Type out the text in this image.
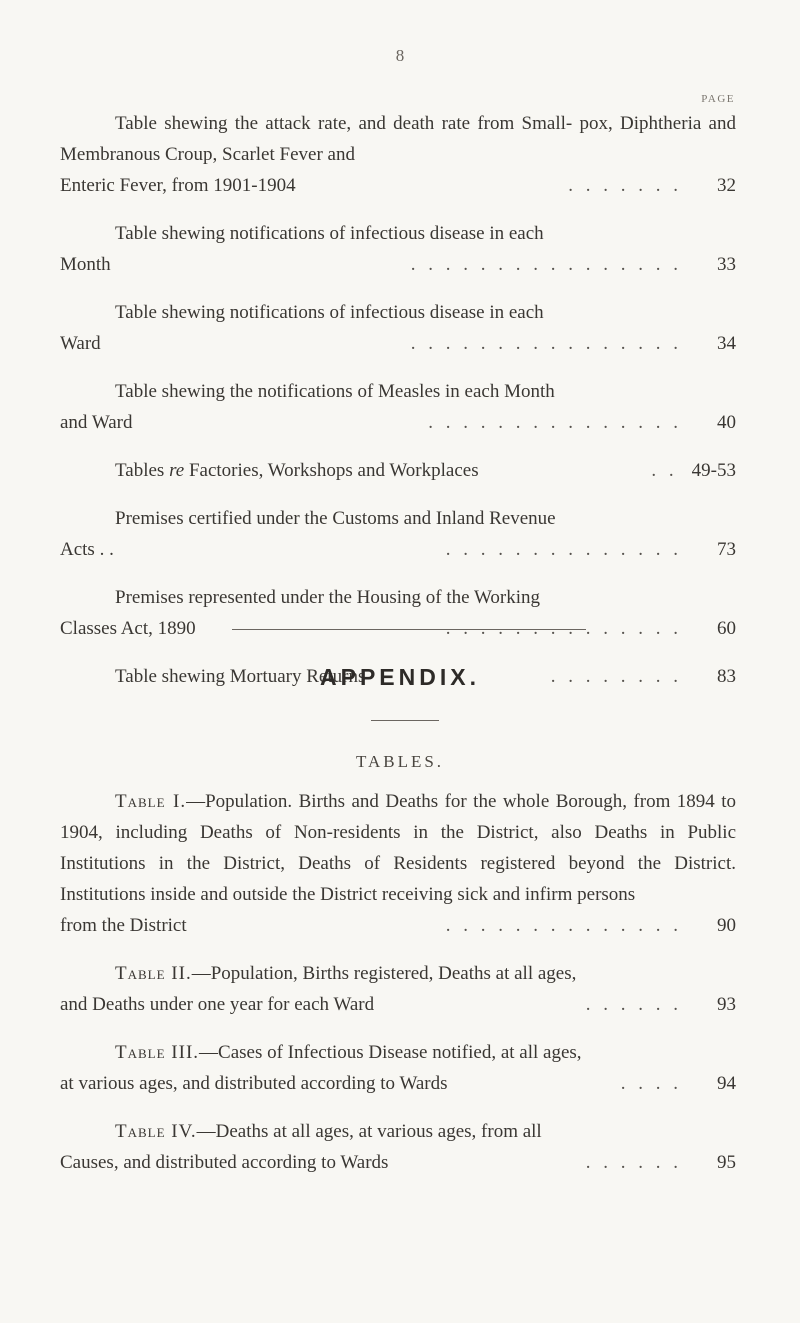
8
PAGE
Table shewing the attack rate, and death rate from Small- pox, Diphtheria and Membranous Croup, Scarlet Fever and
Enteric Fever, from 1901-1904	. . . . . . .	32
Table shewing notifications of infectious disease in each
Month	. . . . . . . . . . . . . . . .	33
Table shewing notifications of infectious disease in each
Ward	. . . . . . . . . . . . . . . .	34
Table shewing the notifications of Measles in each Month
and Ward	. . . . . . . . . . . . . . .	40
Tables re Factories, Workshops and Workplaces	. . 49-53
Premises certified under the Customs and Inland Revenue
Acts . .	. . . . . . . . . . . . . .	73
Premises represented under the Housing of the Working
Classes Act, 1890	. . . . . . . . . . . . . .	60
Table shewing Mortuary Returns	. . . . . . . .	83
APPENDIX.
TABLES.
Table I.—Population. Births and Deaths for the whole Borough, from 1894 to 1904, including Deaths of Non-residents in the District, also Deaths in Public Institutions in the District, Deaths of Residents registered beyond the District. Institutions inside and outside the District receiving sick and infirm persons
from the District	. . . . . . . . . . . . . .	90
Table II.—Population, Births registered, Deaths at all ages,
and Deaths under one year for each Ward	. . . . . .	93
Table III.—Cases of Infectious Disease notified, at all ages,
at various ages, and distributed according to Wards	. . . .	94
Table IV.—Deaths at all ages, at various ages, from all
Causes, and distributed according to Wards	. . . . . .	95
